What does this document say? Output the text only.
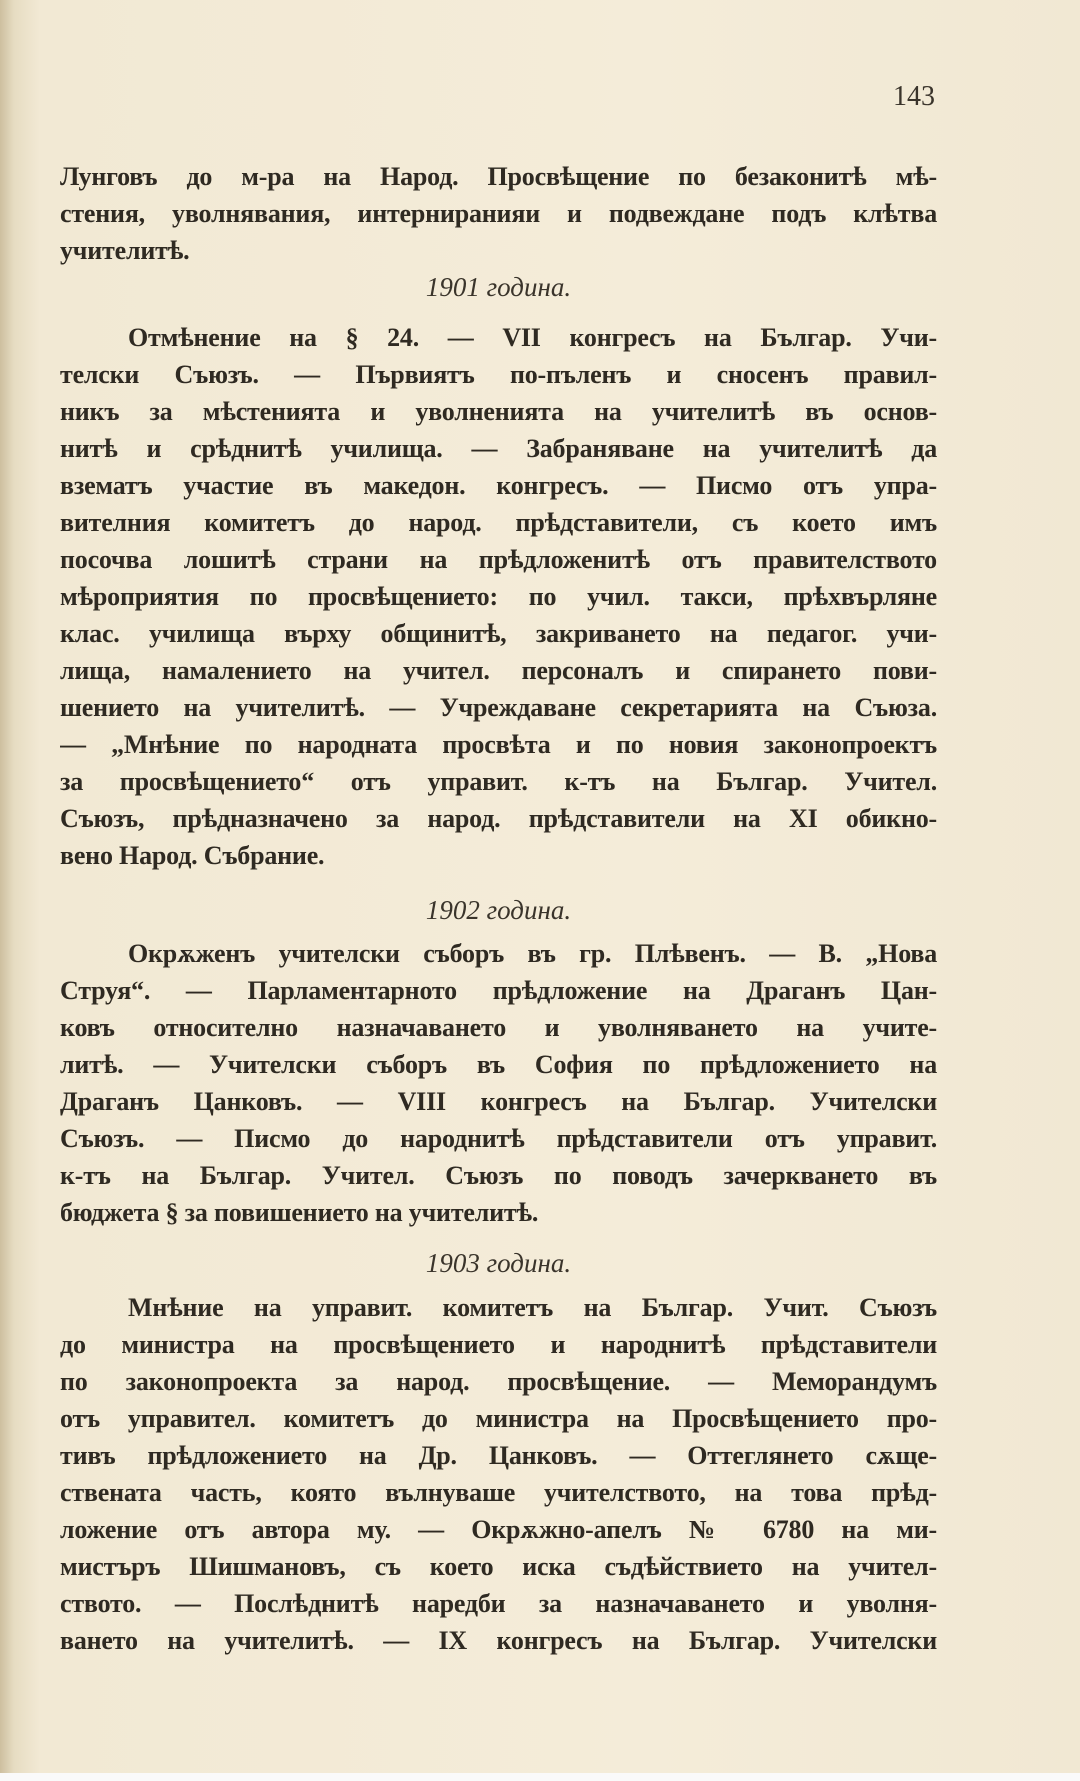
143
Лунговъ до м-ра на Народ. Просвѣщение по безаконитѣ мѣ-
стения, уволнявания, интерниранияи и подвеждане подъ клѣтва
учителитѣ.
1901 година.
Отмѣнение на § 24. — VII конгресъ на Българ. Учи-
телски Съюзъ. — Първиятъ по-пъленъ и сносенъ правил-
никъ за мѣстенията и уволненията на учителитѣ въ основ-
нитѣ и срѣднитѣ училища. — Забраняване на учителитѣ да
взематъ участие въ македон. конгресъ. — Писмо отъ упра-
вителния комитетъ до народ. прѣдставители, съ което имъ
посочва лошитѣ страни на прѣдложенитѣ отъ правителството
мѣроприятия по просвѣщението: по учил. такси, прѣхвърляне
клас. училища върху общинитѣ, закриването на педагог. учи-
лища, намалението на учител. персоналъ и спирането пови-
шението на учителитѣ. — Учреждаване секретарията на Съюза.
— „Мнѣние по народната просвѣта и по новия законопроектъ
за просвѣщението“ отъ управит. к-тъ на Българ. Учител.
Съюзъ, прѣдназначено за народ. прѣдставители на XI обикно-
вено Народ. Събрание.
1902 година.
Окрѫженъ учителски съборъ въ гр. Плѣвенъ. — В. „Нова
Струя“. — Парламентарното прѣдложение на Драганъ Цан-
ковъ относително назначаването и уволняването на учите-
литѣ. — Учителски съборъ въ София по прѣдложението на
Драганъ Цанковъ. — VIII конгресъ на Българ. Учителски
Съюзъ. — Писмо до народнитѣ прѣдставители отъ управит.
к-тъ на Българ. Учител. Съюзъ по поводъ зачеркването въ
бюджета § за повишението на учителитѣ.
1903 година.
Мнѣние на управит. комитетъ на Българ. Учит. Съюзъ
до министра на просвѣщението и народнитѣ прѣдставители
по законопроекта за народ. просвѣщение. — Меморандумъ
отъ управител. комитетъ до министра на Просвѣщението про-
тивъ прѣдложението на Др. Цанковъ. — Оттеглянето сѫще-
ствената часть, която вълнуваше учителството, на това прѣд-
ложение отъ автора му. — Окрѫжно-апелъ № 6780 на ми-
мистъръ Шишмановъ, съ което иска съдѣйствието на учител-
ството. — Послѣднитѣ наредби за назначаването и уволня-
ването на учителитѣ. — IX конгресъ на Българ. Учителски
